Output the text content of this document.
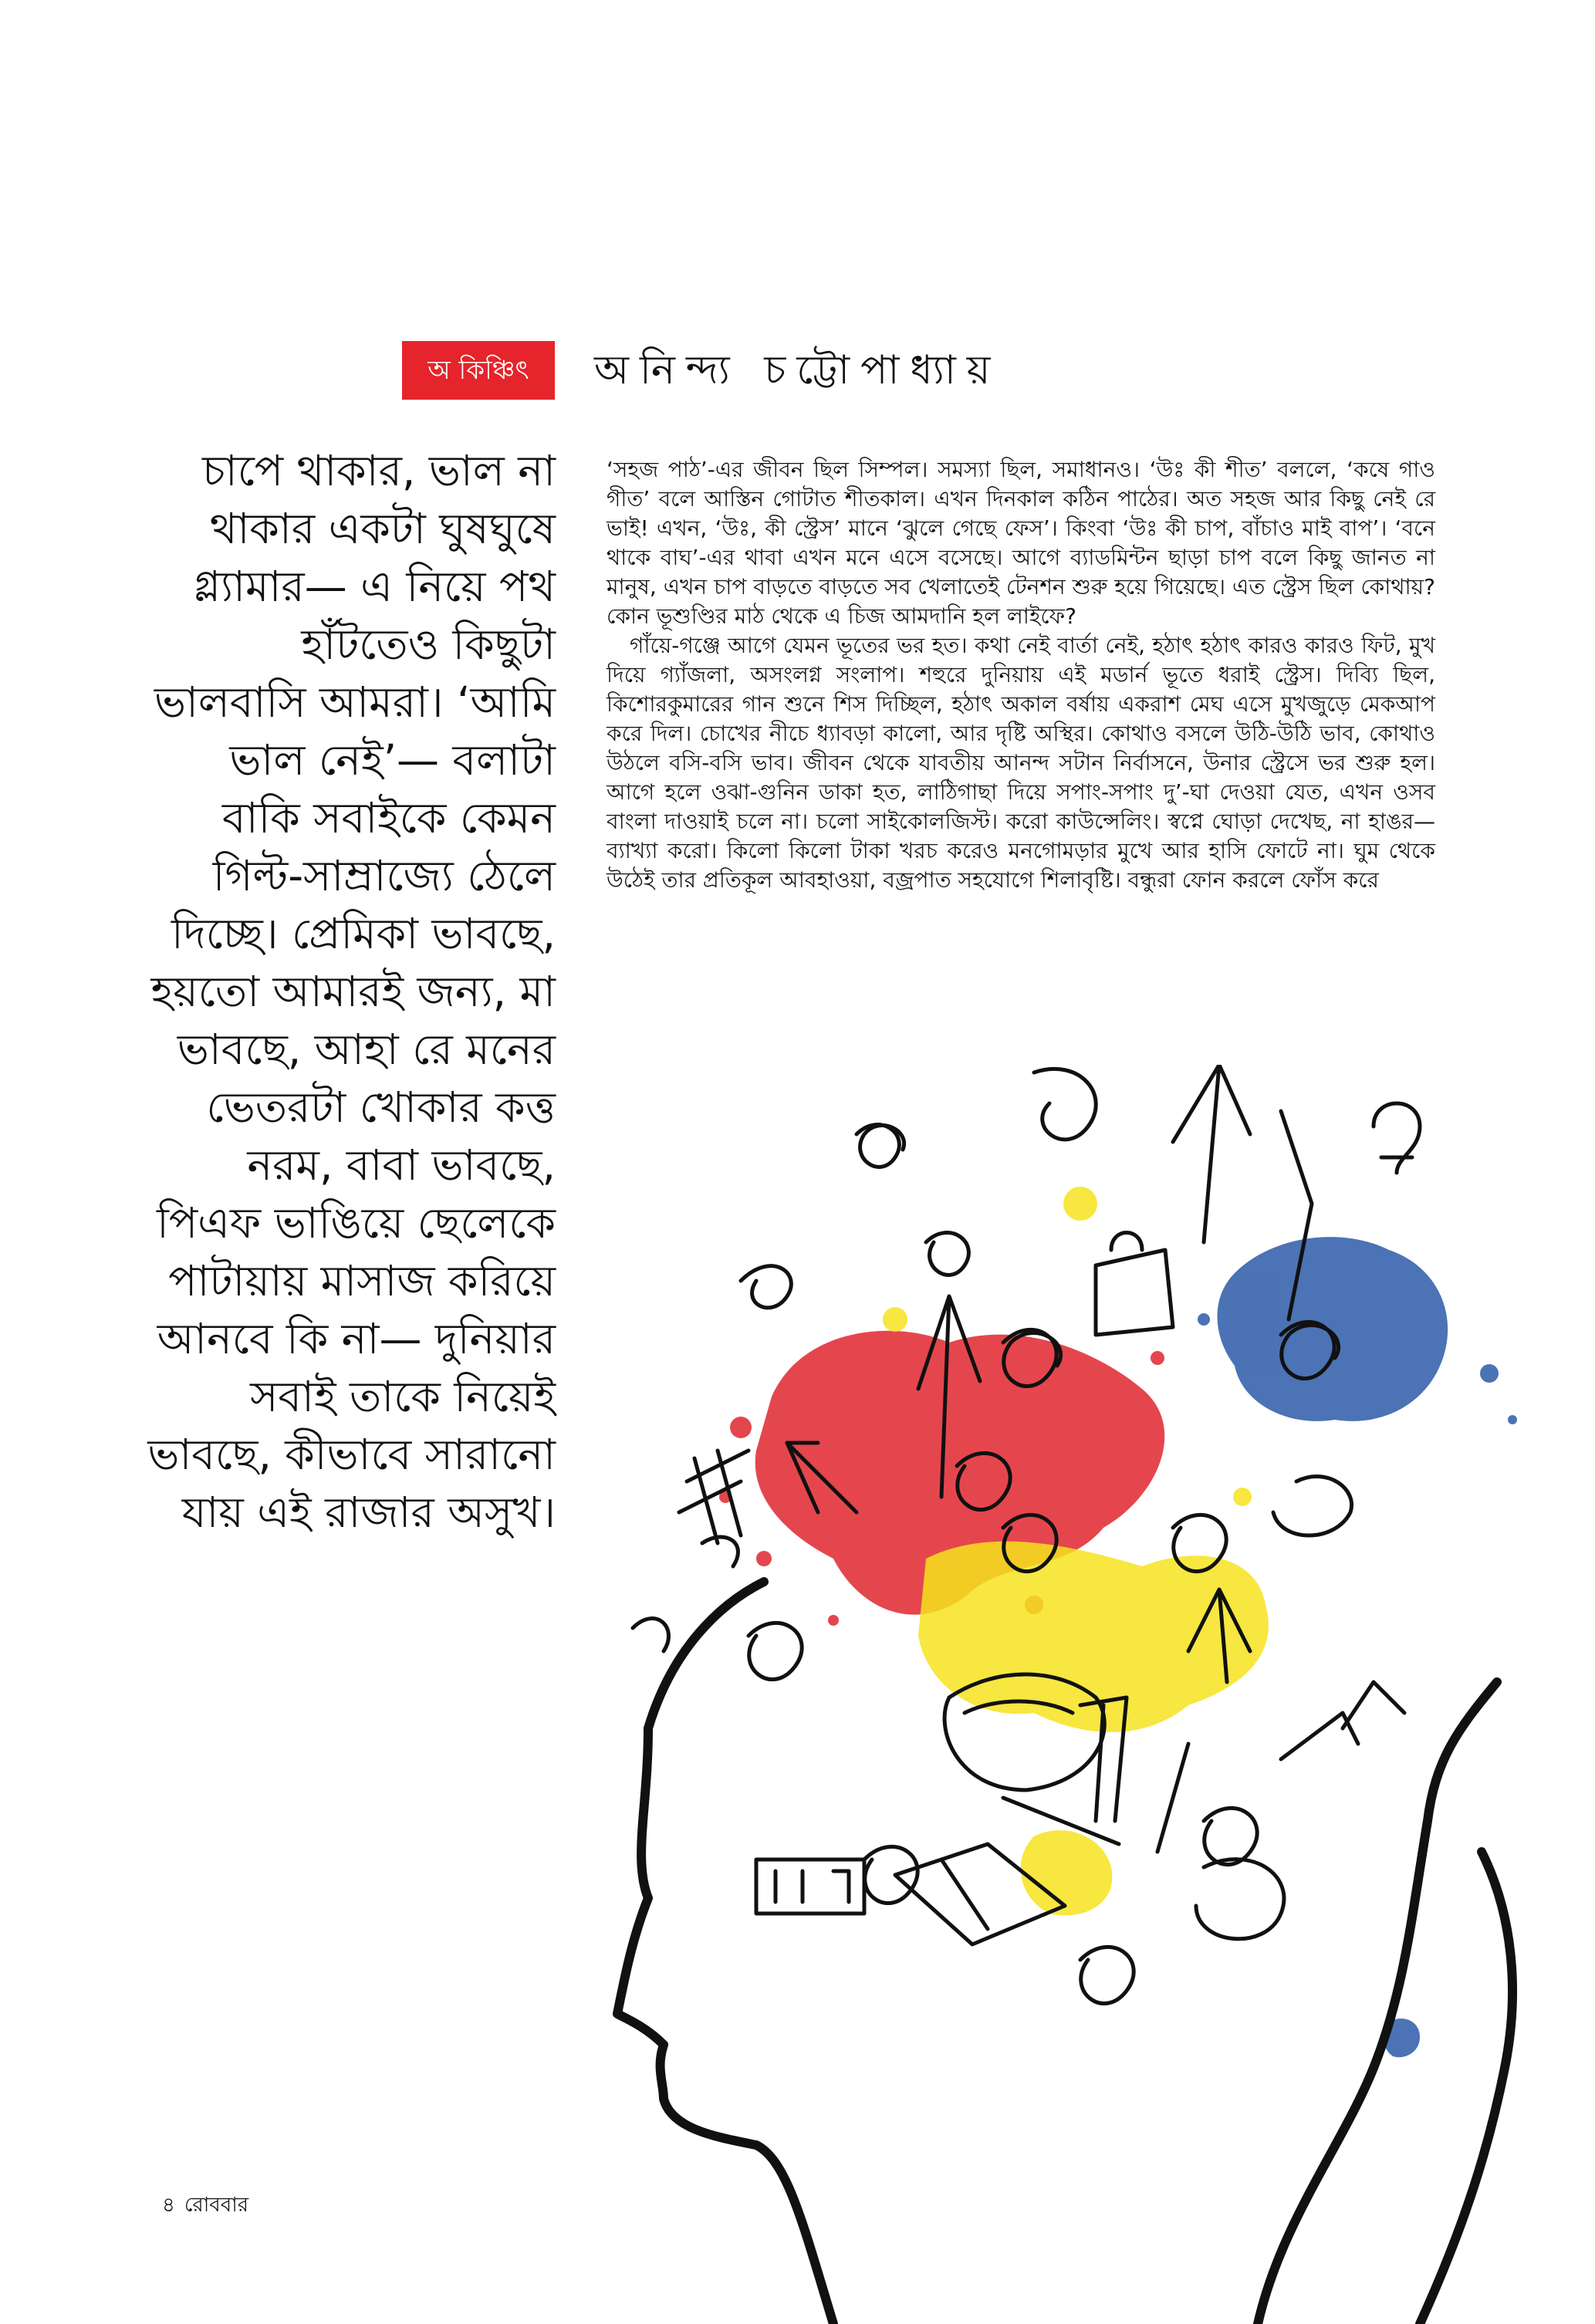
অ কিঞ্চিৎ	অনিন্দ্য চট্টোপাধ্যায়

চাপে থাকার, ভাল না থাকার একটা ঘুষঘুষে গ্ল্যামার— এ নিয়ে পথ হাঁটতেও কিছুটা ভালবাসি আমরা। ‘আমি ভাল নেই’— বলাটা বাকি সবাইকে কেমন গিল্ট-সাম্রাজ্যে ঠেলে দিচ্ছে। প্রেমিকা ভাবছে, হয়তো আমারই জন্য, মা ভাবছে, আহা রে মনের ভেতরটা খোকার কত্ত নরম, বাবা ভাবছে, পিএফ ভাঙিয়ে ছেলেকে পাটায়ায় মাসাজ করিয়ে আনবে কি না— দুনিয়ার সবাই তাকে নিয়েই ভাবছে, কীভাবে সারানো যায় এই রাজার অসুখ।

‘সহজ পাঠ’-এর জীবন ছিল সিম্পল। সমস্যা ছিল, সমাধানও। ‘উঃ কী শীত’ বললে, ‘কষে গাও গীত’ বলে আস্তিন গোটাত শীতকাল। এখন দিনকাল কঠিন পাঠের। অত সহজ আর কিছু নেই রে ভাই! এখন, ‘উঃ, কী স্ট্রেস’ মানে ‘ঝুলে গেছে ফেস’। কিংবা ‘উঃ কী চাপ, বাঁচাও মাই বাপ’। ‘বনে থাকে বাঘ’-এর থাবা এখন মনে এসে বসেছে। আগে ব্যাডমিন্টন ছাড়া চাপ বলে কিছু জানত না মানুষ, এখন চাপ বাড়তে বাড়তে সব খেলাতেই টেনশন শুরু হয়ে গিয়েছে। এত স্ট্রেস ছিল কোথায়? কোন ভূশুণ্ডির মাঠ থেকে এ চিজ আমদানি হল লাইফে?

গাঁয়ে-গঞ্জে আগে যেমন ভূতের ভর হত। কথা নেই বার্তা নেই, হঠাৎ হঠাৎ কারও কারও ফিট, মুখ দিয়ে গ্যাঁজলা, অসংলগ্ন সংলাপ। শহুরে দুনিয়ায় এই মডার্ন ভূতে ধরাই স্ট্রেস। দিব্যি ছিল, কিশোরকুমারের গান শুনে শিস দিচ্ছিল, হঠাৎ অকাল বর্ষায় একরাশ মেঘ এসে মুখজুড়ে মেকআপ করে দিল। চোখের নীচে ধ্যাবড়া কালো, আর দৃষ্টি অস্থির। কোথাও বসলে উঠি-উঠি ভাব, কোথাও উঠলে বসি-বসি ভাব। জীবন থেকে যাবতীয় আনন্দ সটান নির্বাসনে, উনার স্ট্রেসে ভর শুরু হল। আগে হলে ওঝা-গুনিন ডাকা হত, লাঠিগাছা দিয়ে সপাং-সপাং দু’-ঘা দেওয়া যেত, এখন ওসব বাংলা দাওয়াই চলে না। চলো সাইকোলজিস্ট। করো কাউন্সেলিং। স্বপ্নে ঘোড়া দেখেছ, না হাঙর— ব্যাখ্যা করো। কিলো কিলো টাকা খরচ করেও মনগোমড়ার মুখে আর হাসি ফোটে না। ঘুম থেকে উঠেই তার প্রতিকূল আবহাওয়া, বজ্রপাত সহযোগে শিলাবৃষ্টি। বন্ধুরা ফোন করলে ফোঁস করে

৪ রোববার
